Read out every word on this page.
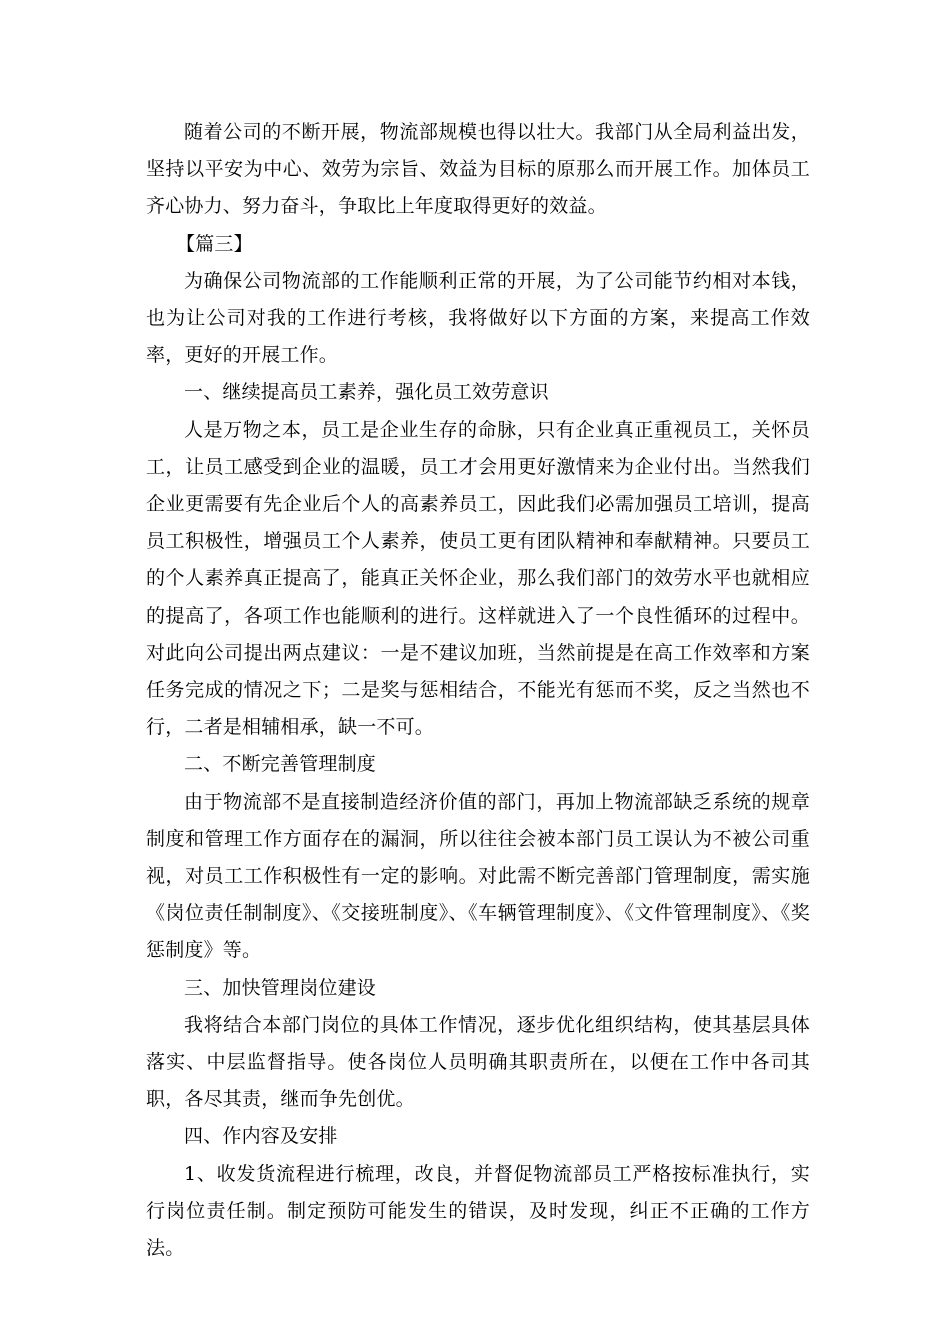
随着公司的不断开展，物流部规模也得以壮大。我部门从全局利益出发，坚持以平安为中心、效劳为宗旨、效益为目标的原那么而开展工作。加体员工齐心协力、努力奋斗，争取比上年度取得更好的效益。

【篇三】

为确保公司物流部的工作能顺利正常的开展，为了公司能节约相对本钱，也为让公司对我的工作进行考核，我将做好以下方面的方案，来提高工作效率，更好的开展工作。

一、继续提高员工素养，强化员工效劳意识

人是万物之本，员工是企业生存的命脉，只有企业真正重视员工，关怀员工，让员工感受到企业的温暖，员工才会用更好激情来为企业付出。当然我们企业更需要有先企业后个人的高素养员工，因此我们必需加强员工培训，提高员工积极性，增强员工个人素养，使员工更有团队精神和奉献精神。只要员工的个人素养真正提高了，能真正关怀企业，那么我们部门的效劳水平也就相应的提高了，各项工作也能顺利的进行。这样就进入了一个良性循环的过程中。对此向公司提出两点建议：一是不建议加班，当然前提是在高工作效率和方案任务完成的情况之下；二是奖与惩相结合，不能光有惩而不奖，反之当然也不行，二者是相辅相承，缺一不可。

二、不断完善管理制度

由于物流部不是直接制造经济价值的部门，再加上物流部缺乏系统的规章制度和管理工作方面存在的漏洞，所以往往会被本部门员工误认为不被公司重视，对员工工作积极性有一定的影响。对此需不断完善部门管理制度，需实施《岗位责任制制度》、《交接班制度》、《车辆管理制度》、《文件管理制度》、《奖惩制度》等。

三、加快管理岗位建设

我将结合本部门岗位的具体工作情况，逐步优化组织结构，使其基层具体落实、中层监督指导。使各岗位人员明确其职责所在，以便在工作中各司其职，各尽其责，继而争先创优。

四、作内容及安排

1、收发货流程进行梳理，改良，并督促物流部员工严格按标准执行，实行岗位责任制。制定预防可能发生的错误，及时发现，纠正不正确的工作方法。
